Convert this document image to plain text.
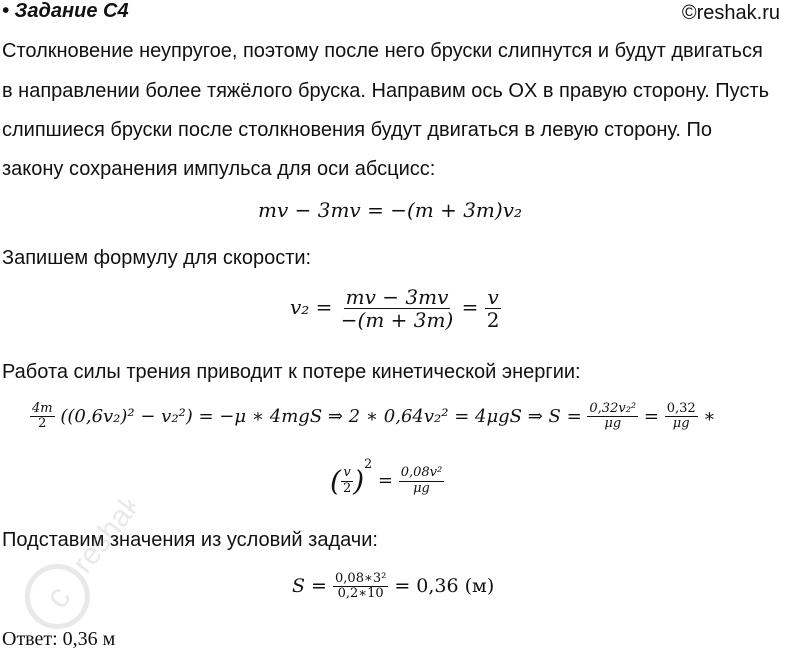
• Задание C4	©reshak.ru
Столкновение неупругое, поэтому после него бруски слипнутся и будут двигаться
в направлении более тяжёлого бруска. Направим ось OX в правую сторону. Пусть
слипшиеся бруски после столкновения будут двигаться в левую сторону. По
закону сохранения импульса для оси абсцисс:
mv − 3mv = −(m + 3m)v₂
Запишем формулу для скорости:
$v_2 = \frac{mv - 3mv}{-(m + 3m)} = \frac{v}{2}$
Работа силы трения приводит к потере кинетической энергии:
$\frac{4m}{2} ((0,6v_2)^2 - v_2^2) = -\mu$ ∗ 4mgS ⇒ 2 ∗ 0,64v₂² = 4μgS ⇒ $S = \frac{\text{0,32v₂²}}{\mu g} = \frac{0,32}{\mu g}$ ∗
( $\frac{v}{2} )^2 = \frac{\text{0,08v²}}{\mu g}$
Подставим значения из условий задачи:
$S = \frac{\text{0,08∗3²}}{0,2∗10} = 0,36$ (м)
Ответ: 0,36 м
c
reshak.ru
